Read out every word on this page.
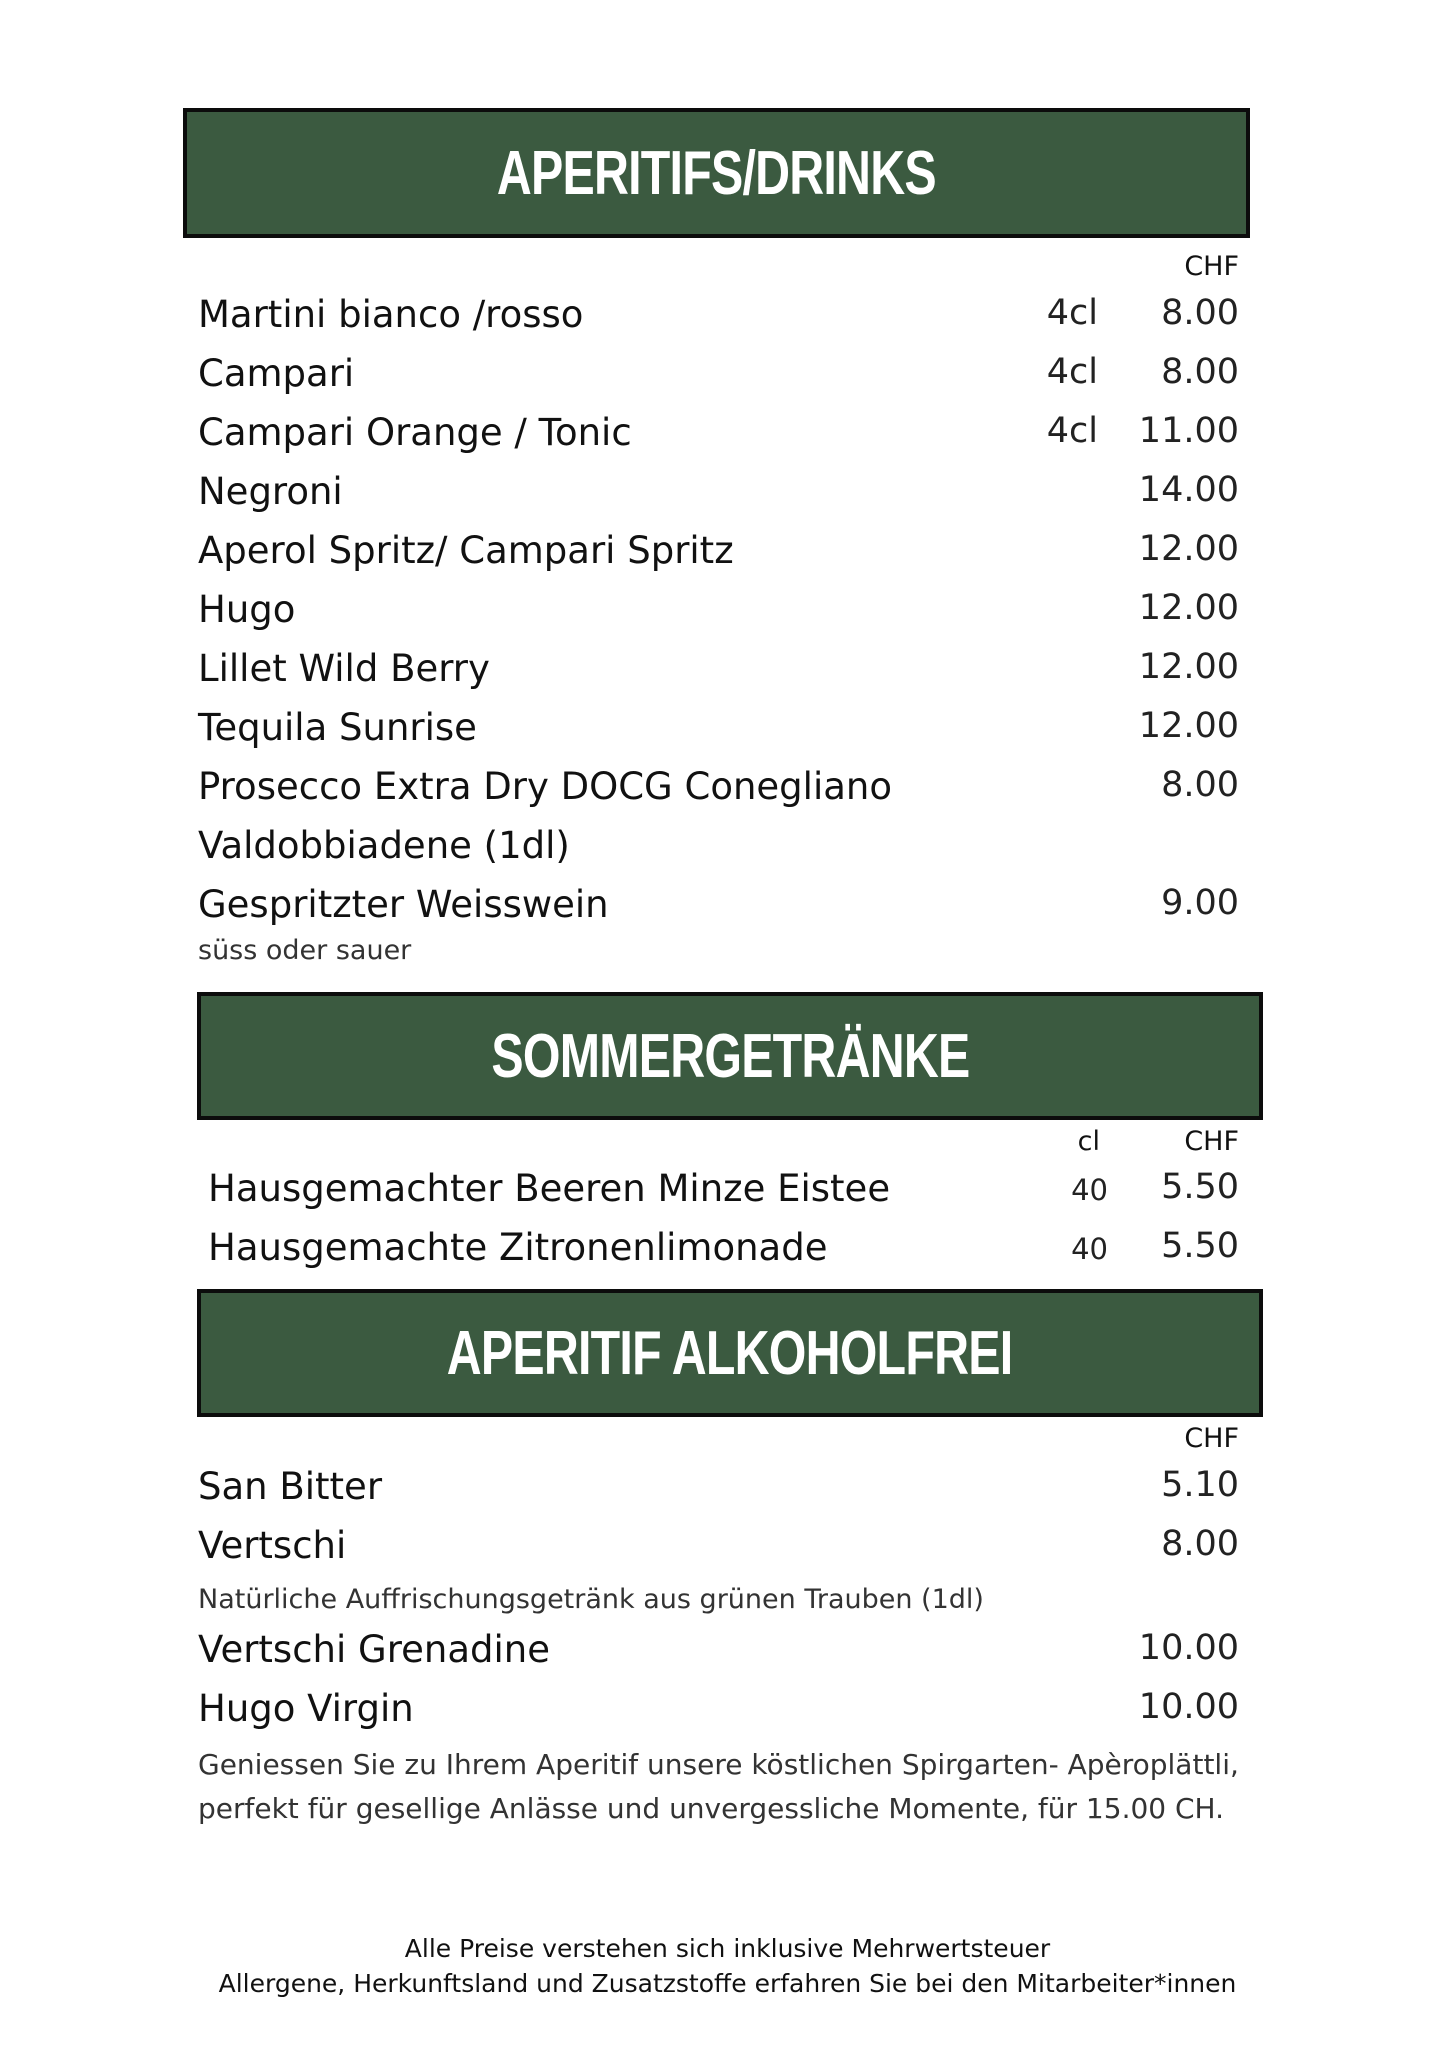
APERITIFS/DRINKS
CHF
Martini bianco /rosso	4cl	8.00
Campari	4cl	8.00
Campari Orange / Tonic	4cl	11.00
Negroni	14.00
Aperol Spritz/ Campari Spritz	12.00
Hugo	12.00
Lillet Wild Berry	12.00
Tequila Sunrise	12.00
Prosecco Extra Dry DOCG Conegliano	8.00
Valdobbiadene (1dl)
Gespritzter Weisswein	9.00
süss oder sauer
SOMMERGETRÄNKE
cl	CHF
Hausgemachter Beeren Minze Eistee	40	5.50
Hausgemachte Zitronenlimonade	40	5.50
APERITIF ALKOHOLFREI
CHF
San Bitter	5.10
Vertschi	8.00
Natürliche Auffrischungsgetränk aus grünen Trauben (1dl)
Vertschi Grenadine	10.00
Hugo Virgin	10.00
Geniessen Sie zu Ihrem Aperitif unsere köstlichen Spirgarten- Apèroplättli,
perfekt für gesellige Anlässe und unvergessliche Momente, für 15.00 CH.
Alle Preise verstehen sich inklusive Mehrwertsteuer
Allergene, Herkunftsland und Zusatzstoffe erfahren Sie bei den Mitarbeiter*innen
